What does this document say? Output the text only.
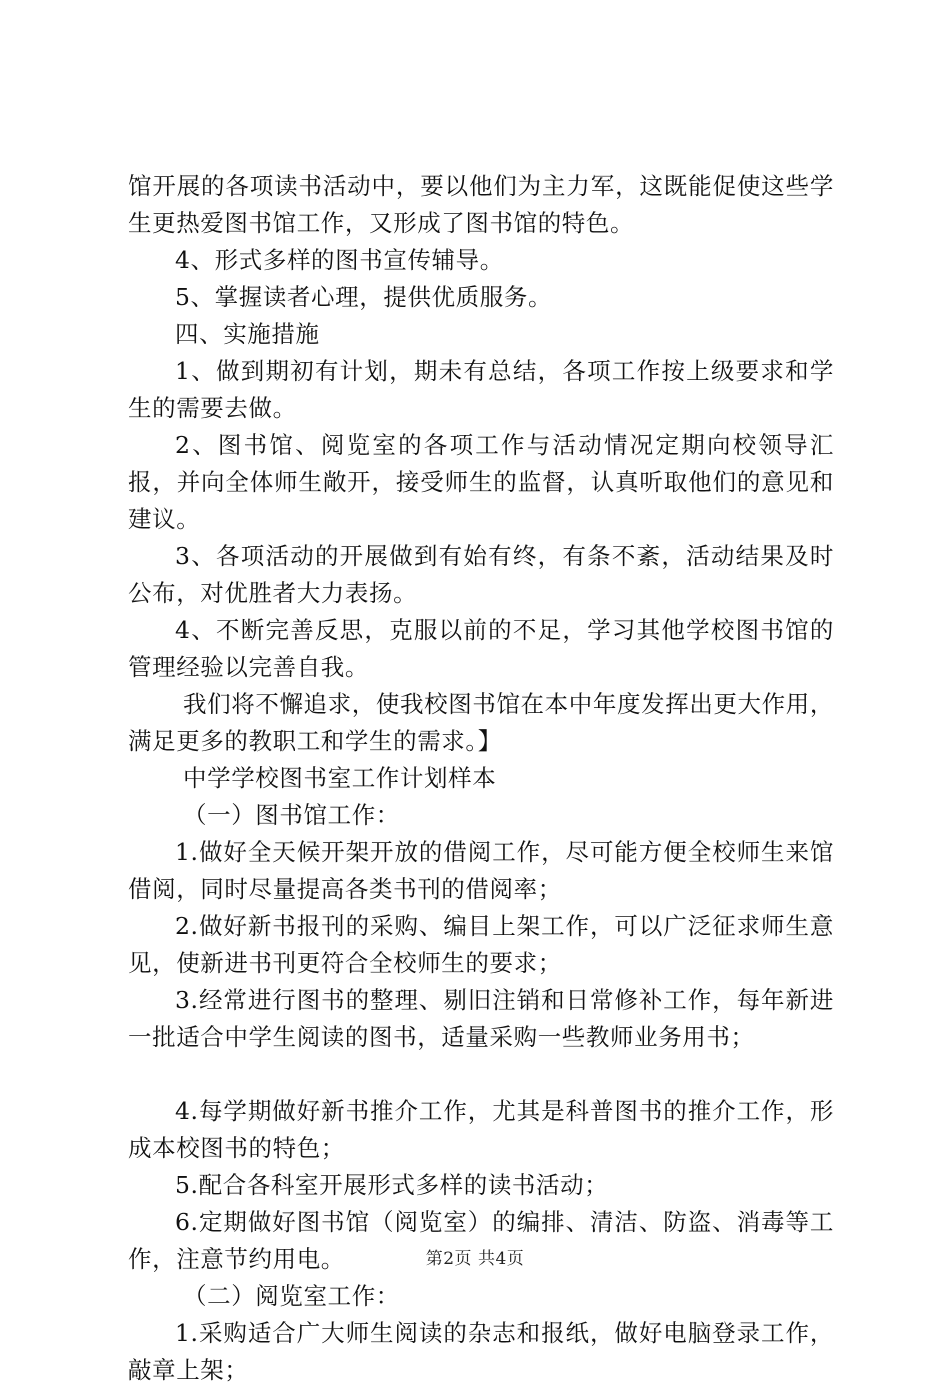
馆开展的各项读书活动中，要以他们为主力军，这既能促使这些学生更热爱图书馆工作，又形成了图书馆的特色。

4、形式多样的图书宣传辅导。

5、掌握读者心理，提供优质服务。

四、实施措施

1、做到期初有计划，期未有总结，各项工作按上级要求和学生的需要去做。

2、图书馆、阅览室的各项工作与活动情况定期向校领导汇报，并向全体师生敞开，接受师生的监督，认真听取他们的意见和建议。

3、各项活动的开展做到有始有终，有条不紊，活动结果及时公布，对优胜者大力表扬。

4、不断完善反思，克服以前的不足，学习其他学校图书馆的管理经验以完善自我。

我们将不懈追求，使我校图书馆在本中年度发挥出更大作用，满足更多的教职工和学生的需求。】

中学学校图书室工作计划样本

（一）图书馆工作：

1.做好全天候开架开放的借阅工作，尽可能方便全校师生来馆借阅，同时尽量提高各类书刊的借阅率；

2.做好新书报刊的采购、编目上架工作，可以广泛征求师生意见，使新进书刊更符合全校师生的要求；

3.经常进行图书的整理、剔旧注销和日常修补工作，每年新进一批适合中学生阅读的图书，适量采购一些教师业务用书；

4.每学期做好新书推介工作，尤其是科普图书的推介工作，形成本校图书的特色；

5.配合各科室开展形式多样的读书活动；

6.定期做好图书馆（阅览室）的编排、清洁、防盗、消毒等工作，注意节约用电。

（二）阅览室工作：

1.采购适合广大师生阅读的杂志和报纸，做好电脑登录工作，敲章上架；

第2页 共4页
